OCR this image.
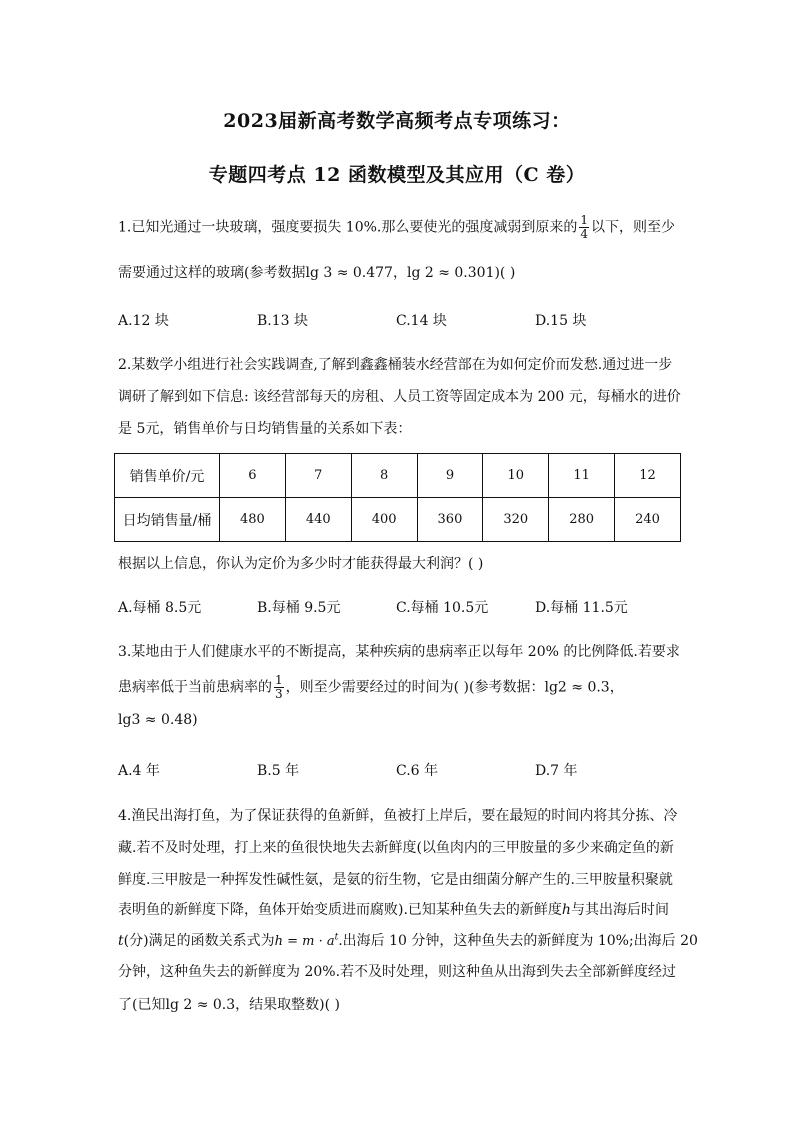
2023届新高考数学高频考点专项练习：
专题四考点 12 函数模型及其应用（C 卷）
1.已知光通过一块玻璃，强度要损失 10%.那么要使光的强度减弱到原来的 $\frac{1}{4}$ 以下，则至少
需要通过这样的玻璃(参考数据lg 3 ≈ 0.477，lg 2 ≈ 0.301)( )
A.12 块	B.13 块	C.14 块	D.15 块
2.某数学小组进行社会实践调查,了解到鑫鑫桶装水经营部在为如何定价而发愁.通过进一步
调研了解到如下信息: 该经营部每天的房租、人员工资等固定成本为 200 元，每桶水的进价
是 5元，销售单价与日均销售量的关系如下表：
销售单价/元	6	7	8	9	10	11	12
日均销售量/桶	480	440	400	360	320	280	240
根据以上信息，你认为定价为多少时才能获得最大利润？( )
A.每桶 8.5元	B.每桶 9.5元	C.每桶 10.5元	D.每桶 11.5元
3.某地由于人们健康水平的不断提高，某种疾病的患病率正以每年 20% 的比例降低.若要求
患病率低于当前患病率的 $\frac{1}{3}$ ，则至少需要经过的时间为( )(参考数据：lg2 ≈ 0.3，
lg3 ≈ 0.48)
A.4 年	B.5 年	C.6 年	D.7 年
4.渔民出海打鱼，为了保证获得的鱼新鲜，鱼被打上岸后，要在最短的时间内将其分拣、冷
藏.若不及时处理，打上来的鱼很快地失去新鲜度(以鱼肉内的三甲胺量的多少来确定鱼的新
鲜度.三甲胺是一种挥发性碱性氨，是氨的衍生物，它是由细菌分解产生的.三甲胺量积聚就
表明鱼的新鲜度下降，鱼体开始变质进而腐败).已知某种鱼失去的新鲜度h与其出海后时间
t(分)满足的函数关系式为$h = m \cdot a^t$.出海后 10 分钟，这种鱼失去的新鲜度为 10%;出海后 20
分钟，这种鱼失去的新鲜度为 20%.若不及时处理，则这种鱼从出海到失去全部新鲜度经过
了(已知lg 2 ≈ 0.3，结果取整数)( )
